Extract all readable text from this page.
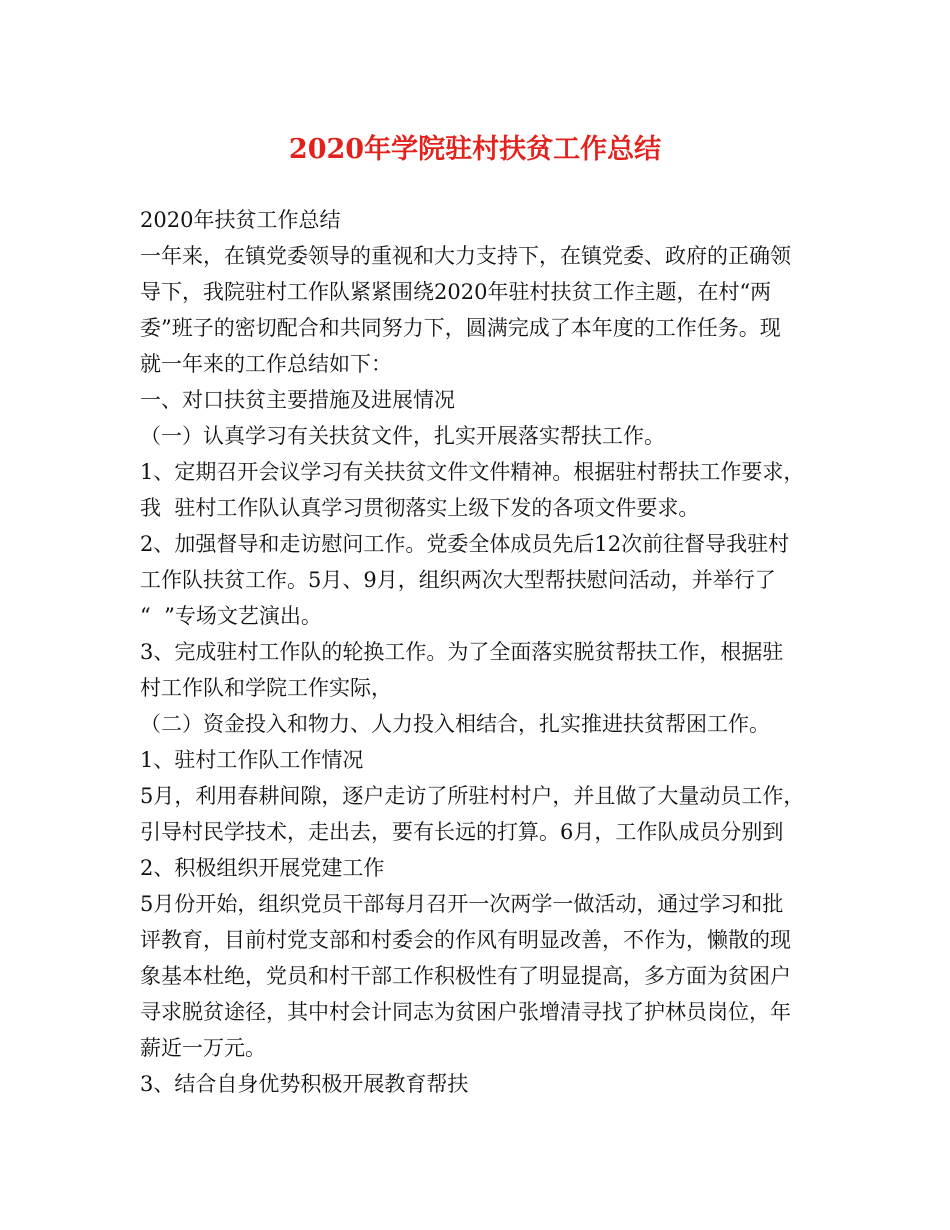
2020年学院驻村扶贫工作总结
2020年扶贫工作总结
一年来，在镇党委领导的重视和大力支持下，在镇党委、政府的正确领
导下，我院驻村工作队紧紧围绕2020年驻村扶贫工作主题，在村“两
委”班子的密切配合和共同努力下，圆满完成了本年度的工作任务。现
就一年来的工作总结如下：
一、对口扶贫主要措施及进展情况
（一）认真学习有关扶贫文件，扎实开展落实帮扶工作。
1、定期召开会议学习有关扶贫文件文件精神。根据驻村帮扶工作要求，
我  驻村工作队认真学习贯彻落实上级下发的各项文件要求。
2、加强督导和走访慰问工作。党委全体成员先后12次前往督导我驻村
工作队扶贫工作。5月、9月，组织两次大型帮扶慰问活动，并举行了
“  ”专场文艺演出。
3、完成驻村工作队的轮换工作。为了全面落实脱贫帮扶工作，根据驻
村工作队和学院工作实际，
（二）资金投入和物力、人力投入相结合，扎实推进扶贫帮困工作。
1、驻村工作队工作情况
5月，利用春耕间隙，逐户走访了所驻村村户，并且做了大量动员工作，
引导村民学技术，走出去，要有长远的打算。6月，工作队成员分别到
2、积极组织开展党建工作
5月份开始，组织党员干部每月召开一次两学一做活动，通过学习和批
评教育，目前村党支部和村委会的作风有明显改善，不作为，懒散的现
象基本杜绝，党员和村干部工作积极性有了明显提高，多方面为贫困户
寻求脱贫途径，其中村会计同志为贫困户张增清寻找了护林员岗位，年
薪近一万元。
3、结合自身优势积极开展教育帮扶
